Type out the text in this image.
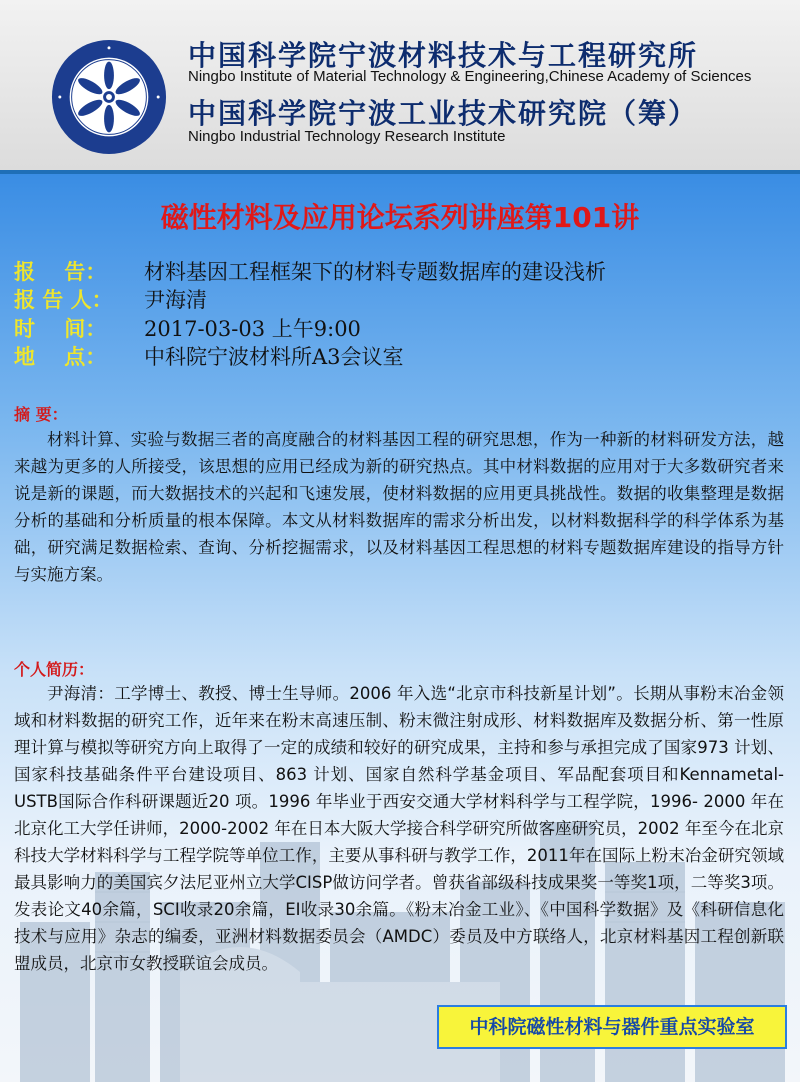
中国科学院宁波材料技术与工程研究所
Ningbo Institute of Material Technology & Engineering,Chinese Academy of Sciences
中国科学院宁波工业技术研究院（筹）
Ningbo Industrial Technology Research Institute
磁性材料及应用论坛系列讲座第101讲
报    告： 材料基因工程框架下的材料专题数据库的建设浅析
报 告 人： 尹海清
时    间： 2017-03-03 上午9:00
地    点： 中科院宁波材料所A3会议室
摘 要：
材料计算、实验与数据三者的高度融合的材料基因工程的研究思想，作为一种新的材料研发方法，越来越为更多的人所接受，该思想的应用已经成为新的研究热点。其中材料数据的应用对于大多数研究者来说是新的课题，而大数据技术的兴起和飞速发展，使材料数据的应用更具挑战性。数据的收集整理是数据分析的基础和分析质量的根本保障。本文从材料数据库的需求分析出发，以材料数据科学的科学体系为基础，研究满足数据检索、查询、分析挖掘需求，以及材料基因工程思想的材料专题数据库建设的指导方针与实施方案。
个人简历：
尹海清：工学博士、教授、博士生导师。2006 年入选“北京市科技新星计划”。长期从事粉末冶金领域和材料数据的研究工作，近年来在粉末高速压制、粉末微注射成形、材料数据库及数据分析、第一性原理计算与模拟等研究方向上取得了一定的成绩和较好的研究成果，主持和参与承担完成了国家973 计划、国家科技基础条件平台建设项目、863 计划、国家自然科学基金项目、军品配套项目和Kennametal-USTB国际合作科研课题近20 项。1996 年毕业于西安交通大学材料科学与工程学院，1996- 2000 年在北京化工大学任讲师，2000-2002 年在日本大阪大学接合科学研究所做客座研究员，2002 年至今在北京科技大学材料科学与工程学院等单位工作，主要从事科研与教学工作，2011年在国际上粉末冶金研究领域最具影响力的美国宾夕法尼亚州立大学CISP做访问学者。曾获省部级科技成果奖一等奖1项，二等奖3项。发表论文40余篇，SCI收录20余篇，EI收录30余篇。《粉末冶金工业》、《中国科学数据》及《科研信息化技术与应用》杂志的编委，亚洲材料数据委员会（AMDC）委员及中方联络人，北京材料基因工程创新联盟成员，北京市女教授联谊会成员。
中科院磁性材料与器件重点实验室
